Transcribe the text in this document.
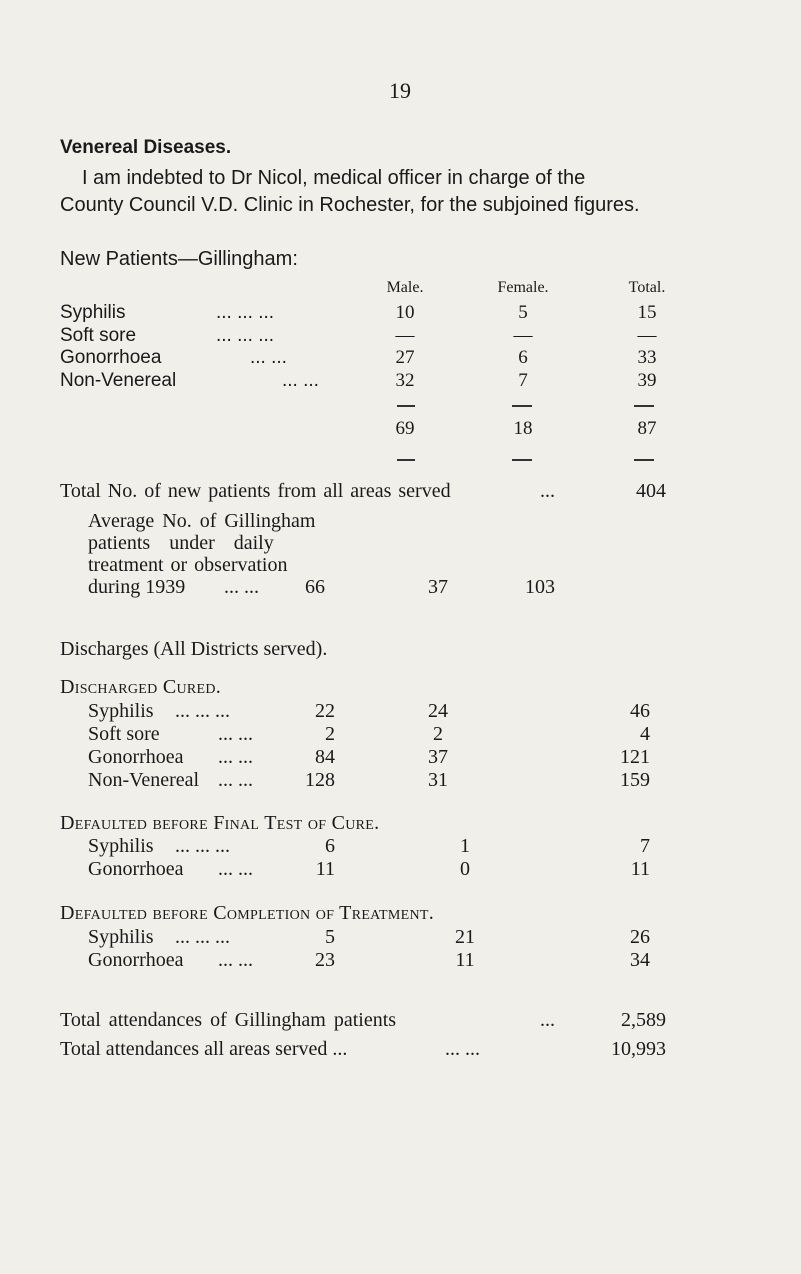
19
Venereal Diseases.
I am indebted to Dr Nicol, medical officer in charge of the
County Council V.D. Clinic in Rochester, for the subjoined figures.
New Patients—Gillingham:
Male.	Female.	Total.
Syphilis	... ... ...	10	5	15
Soft sore	... ... ...	—	—	—
Gonorrhoea	... ...	27	6	33
Non-Venereal	... ...	32	7	39
69	18	87
Total No. of new patients from all areas served	...	404
Average No. of Gillingham
patients under daily
treatment or observation
during 1939 ... ...	66	37	103
Discharges (All Districts served).
Discharged Cured.
Syphilis ... ... ...	22	24	46
Soft sore	... ...	2	2	4
Gonorrhoea ... ...	84	37	121
Non-Venereal ... ...	128	31	159
Defaulted before Final Test of Cure.
Syphilis ... ... ...	6	1	7
Gonorrhoea ... ...	11	0	11
Defaulted before Completion of Treatment.
Syphilis ... ... ...	5	21	26
Gonorrhoea ... ...	23	11	34
Total attendances of Gillingham patients	...	2,589
Total attendances all areas served ...	... ...	10,993
